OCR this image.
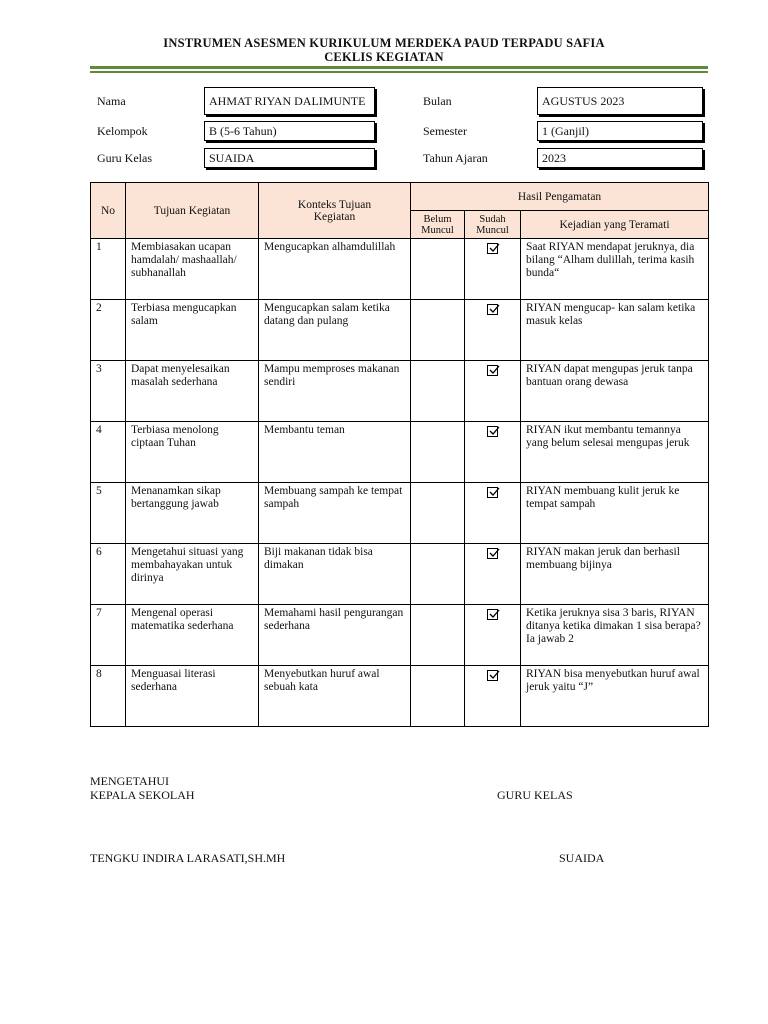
INSTRUMEN ASESMEN KURIKULUM MERDEKA PAUD TERPADU SAFIA
CEKLIS KEGIATAN
Nama	AHMAT RIYAN DALIMUNTE
Kelompok	B (5-6 Tahun)
Guru Kelas	SUAIDA
Bulan	AGUSTUS 2023
Semester	1 (Ganjil)
Tahun Ajaran	2023
No	Tujuan Kegiatan	Konteks Tujuan Kegiatan	Hasil Pengamatan		
			Belum Muncul	Sudah Muncul	Kejadian yang Teramati
1	Membiasakan ucapan hamdalah/ mashaallah/ subhanallah	Mengucapkan alhamdulillah			Saat RIYAN mendapat jeruknya, dia bilang “Alham dulillah, terima kasih bunda“
2	Terbiasa mengucapkan salam	Mengucapkan salam ketika datang dan pulang			RIYAN mengucap- kan salam ketika masuk kelas
3	Dapat menyelesaikan masalah sederhana	Mampu memproses makanan sendiri			RIYAN dapat mengupas jeruk tanpa bantuan orang dewasa
4	Terbiasa menolong ciptaan Tuhan	Membantu teman			RIYAN ikut membantu temannya yang belum selesai mengupas jeruk
5	Menanamkan sikap bertanggung jawab	Membuang sampah ke tempat sampah			RIYAN membuang kulit jeruk ke tempat sampah
6	Mengetahui situasi yang membahayakan untuk dirinya	Biji makanan tidak bisa dimakan			RIYAN makan jeruk dan berhasil membuang bijinya
7	Mengenal operasi matematika sederhana	Memahami hasil pengurangan sederhana			Ketika jeruknya sisa 3 baris, RIYAN ditanya ketika dimakan 1 sisa berapa? Ia jawab 2
8	Menguasai literasi sederhana	Menyebutkan huruf awal sebuah kata			RIYAN bisa menyebutkan huruf awal jeruk yaitu “J”
MENGETAHUI
KEPALA SEKOLAH	GURU KELAS
TENGKU INDIRA LARASATI,SH.MH	SUAIDA
